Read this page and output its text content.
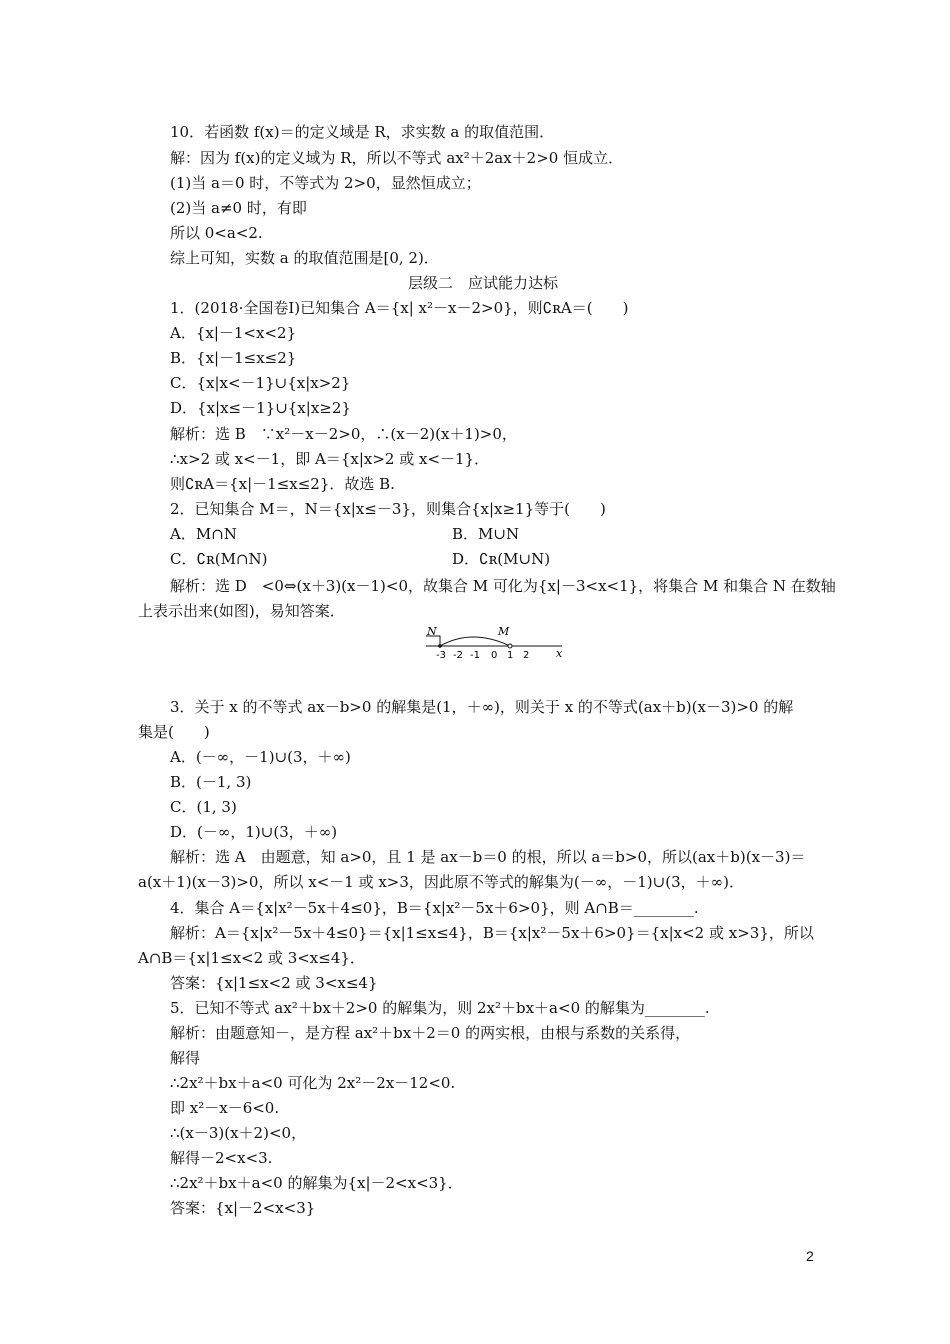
10．若函数 f(x)＝的定义域是 R，求实数 a 的取值范围．
解：因为 f(x)的定义域为 R，所以不等式 ax²＋2ax＋2>0 恒成立．
(1)当 a＝0 时，不等式为 2>0，显然恒成立；
(2)当 a≠0 时，有即
所以 0<a<2.
综上可知，实数 a 的取值范围是[0, 2)．
层级二　应试能力达标
1．(2018·全国卷Ⅰ)已知集合 A＝{x| x²－x－2>0}，则∁ʀA＝(　　)
A．{x|－1<x<2}
B．{x|－1≤x≤2}
C．{x|x<－1}∪{x|x>2}
D．{x|x≤－1}∪{x|x≥2}
解析：选 B　∵x²－x－2>0，∴(x－2)(x＋1)>0，
∴x>2 或 x<－1，即 A＝{x|x>2 或 x<－1}．
则∁ʀA＝{x|－1≤x≤2}．故选 B.
2．已知集合 M＝，N＝{x|x≤－3}，则集合{x|x≥1}等于(　　)
A．M∩N	B．M∪N
C．∁ʀ(M∩N)	D．∁ʀ(M∪N)
解析：选 D　<0⇔(x＋3)(x－1)<0，故集合 M 可化为{x|－3<x<1}，将集合 M 和集合 N 在数轴
上表示出来(如图)，易知答案．
N	M
x
-3 -2 -1 0 1 2
3．关于 x 的不等式 ax－b>0 的解集是(1，＋∞)，则关于 x 的不等式(ax＋b)(x－3)>0 的解
集是(　　)
A．(－∞，－1)∪(3，＋∞)
B．(－1, 3)
C．(1, 3)
D．(－∞，1)∪(3，＋∞)
解析：选 A　由题意，知 a>0，且 1 是 ax－b＝0 的根，所以 a＝b>0，所以(ax＋b)(x－3)＝
a(x＋1)(x－3)>0，所以 x<－1 或 x>3，因此原不等式的解集为(－∞，－1)∪(3，＋∞)．
4．集合 A＝{x|x²－5x＋4≤0}，B＝{x|x²－5x＋6>0}，则 A∩B＝________.
解析：A＝{x|x²－5x＋4≤0}＝{x|1≤x≤4}，B＝{x|x²－5x＋6>0}＝{x|x<2 或 x>3}，所以
A∩B＝{x|1≤x<2 或 3<x≤4}．
答案：{x|1≤x<2 或 3<x≤4}
5．已知不等式 ax²＋bx＋2>0 的解集为，则 2x²＋bx＋a<0 的解集为________.
解析：由题意知－，是方程 ax²＋bx＋2＝0 的两实根，由根与系数的关系得，
解得
∴2x²＋bx＋a<0 可化为 2x²－2x－12<0.
即 x²－x－6<0.
∴(x－3)(x＋2)<0，
解得－2<x<3.
∴2x²＋bx＋a<0 的解集为{x|－2<x<3}．
答案：{x|－2<x<3}
2
